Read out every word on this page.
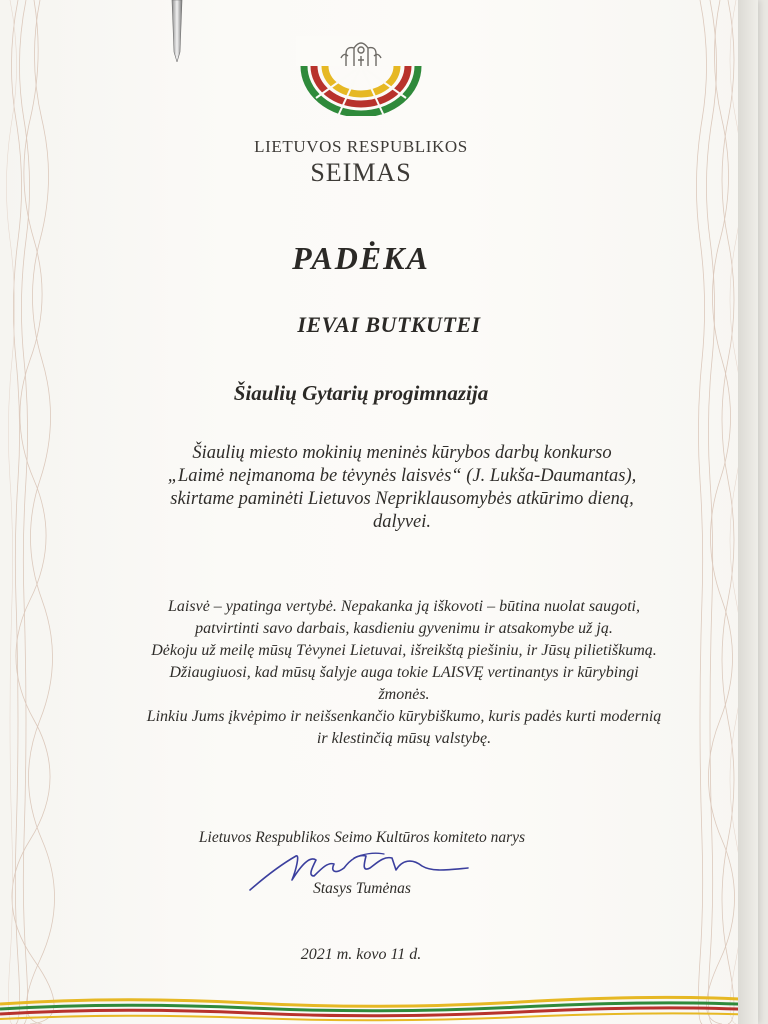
LIETUVOS RESPUBLIKOS
SEIMAS
PADĖKA
IEVAI BUTKUTEI
Šiaulių Gytarių progimnazija
Šiaulių miesto mokinių meninės kūrybos darbų konkurso
„Laimė neįmanoma be tėvynės laisvės“ (J. Lukša-Daumantas),
skirtame paminėti Lietuvos Nepriklausomybės atkūrimo dieną,
dalyvei.
Laisvė – ypatinga vertybė. Nepakanka ją iškovoti – būtina nuolat saugoti,
patvirtinti savo darbais, kasdieniu gyvenimu ir atsakomybe už ją.
Dėkoju už meilę mūsų Tėvynei Lietuvai, išreikštą piešiniu, ir Jūsų pilietiškumą.
Džiaugiuosi, kad mūsų šalyje auga tokie LAISVĘ vertinantys ir kūrybingi
žmonės.
Linkiu Jums įkvėpimo ir neišsenkančio kūrybiškumo, kuris padės kurti modernią
ir klestinčią mūsų valstybę.
Lietuvos Respublikos Seimo Kultūros komiteto narys
Stasys Tumėnas
2021 m. kovo 11 d.
